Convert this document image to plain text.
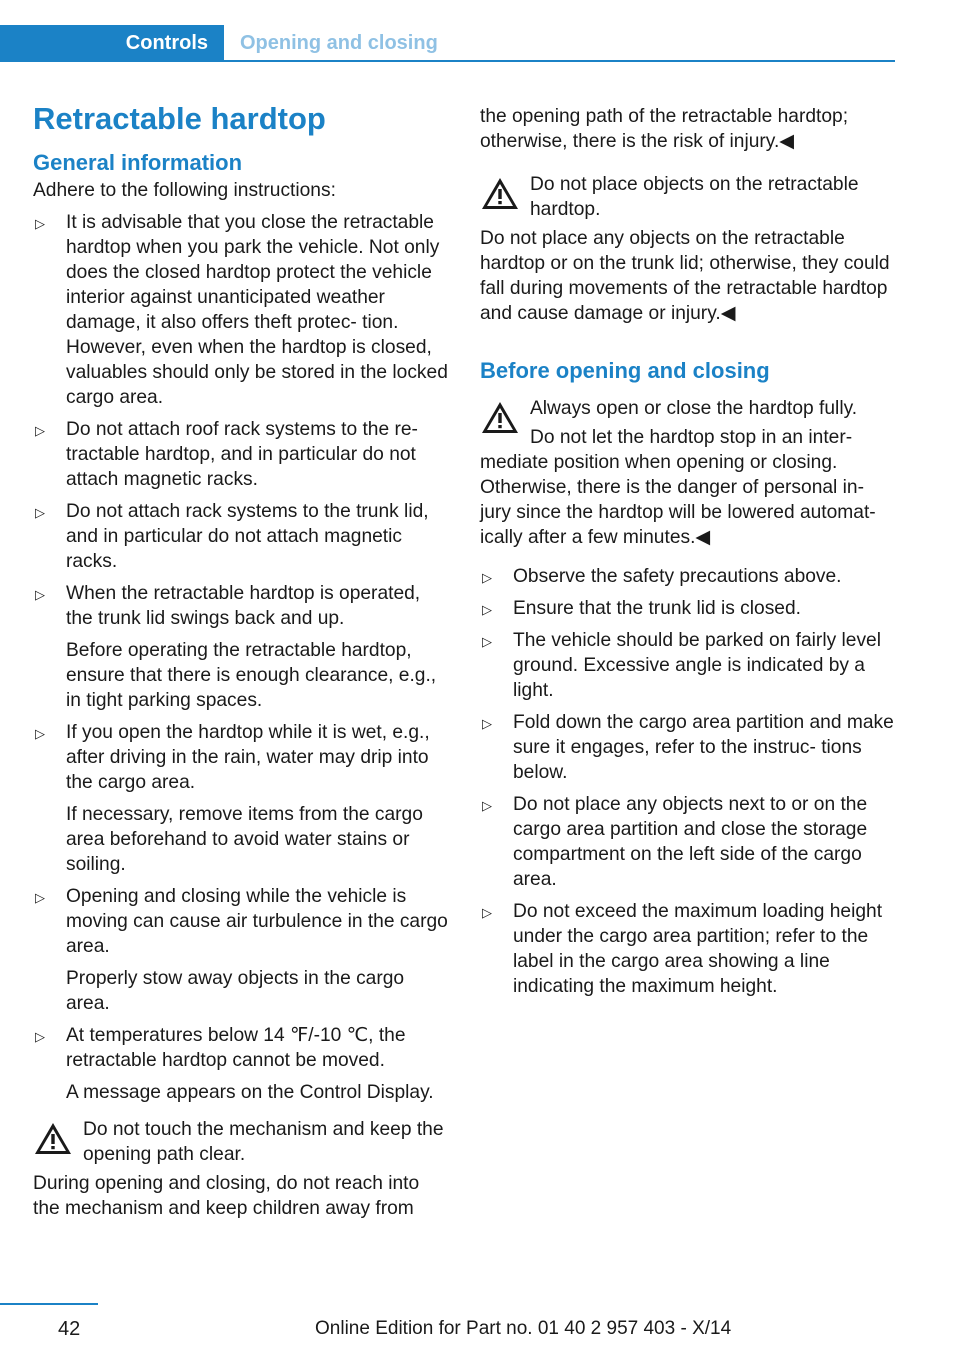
Controls	Opening and closing
Retractable hardtop
General information

Adhere to the following instructions:

▷ It is advisable that you close the retractable hardtop when you park the vehicle. Not only does the closed hardtop protect the vehicle interior against unanticipated weather damage, it also offers theft protec‐ tion. However, even when the hardtop is closed, valuables should only be stored in the locked cargo area.

▷ Do not attach roof rack systems to the re‐ tractable hardtop, and in particular do not attach magnetic racks.

▷ Do not attach rack systems to the trunk lid, and in particular do not attach magnetic racks.

▷ When the retractable hardtop is operated, the trunk lid swings back and up.

Before operating the retractable hardtop, ensure that there is enough clearance, e.g., in tight parking spaces.

▷ If you open the hardtop while it is wet, e.g., after driving in the rain, water may drip into the cargo area.

If necessary, remove items from the cargo area beforehand to avoid water stains or soiling.

▷ Opening and closing while the vehicle is moving can cause air turbulence in the cargo area.

Properly stow away objects in the cargo area.

▷ At temperatures below 14 ℉/-10 ℃, the retractable hardtop cannot be moved.

A message appears on the Control Display.

Do not touch the mechanism and keep the opening path clear.

During opening and closing, do not reach into the mechanism and keep children away from

the opening path of the retractable hardtop; otherwise, there is the risk of injury.◀

Do not place objects on the retractable hardtop.

Do not place any objects on the retractable hardtop or on the trunk lid; otherwise, they could fall during movements of the retractable hardtop and cause damage or injury.◀

Before opening and closing

Always open or close the hardtop fully.

Do not let the hardtop stop in an inter‐ mediate position when opening or closing. Otherwise, there is the danger of personal in‐ jury since the hardtop will be lowered automat‐ ically after a few minutes.◀

▷ Observe the safety precautions above.

▷ Ensure that the trunk lid is closed.

▷ The vehicle should be parked on fairly level ground. Excessive angle is indicated by a light.

▷ Fold down the cargo area partition and make sure it engages, refer to the instruc‐ tions below.

▷ Do not place any objects next to or on the cargo area partition and close the storage compartment on the left side of the cargo area.

▷ Do not exceed the maximum loading height under the cargo area partition; refer to the label in the cargo area showing a line indicating the maximum height.

42	Online Edition for Part no. 01 40 2 957 403 - X/14
